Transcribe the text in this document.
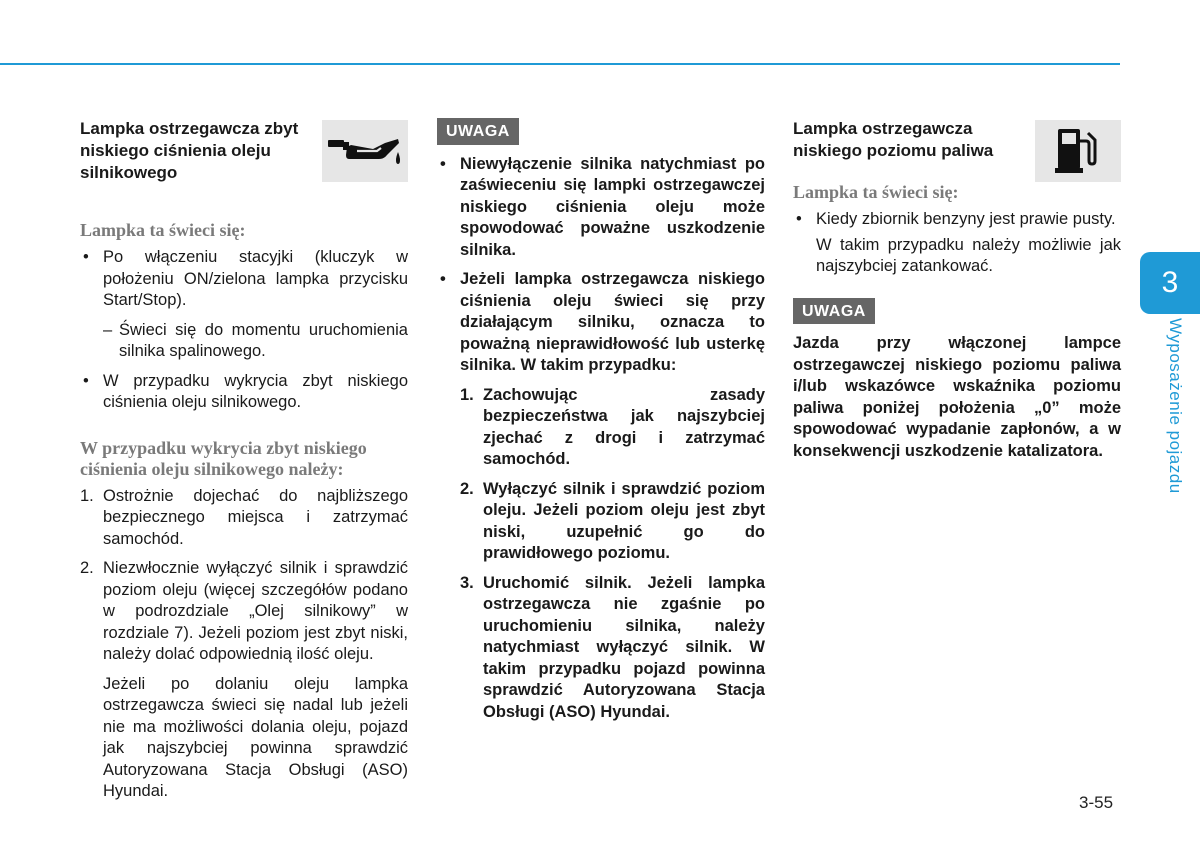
Lampka ostrzegawcza zbyt niskiego ciśnienia oleju silnikowego
Lampka ta świeci się:
• Po włączeniu stacyjki (kluczyk w położeniu ON/zielona lampka przycisku Start/Stop).
– Świeci się do momentu uruchomienia silnika spalinowego.
• W przypadku wykrycia zbyt niskiego ciśnienia oleju silnikowego.
W przypadku wykrycia zbyt niskiego ciśnienia oleju silnikowego należy:
1. Ostrożnie dojechać do najbliższego bezpiecznego miejsca i zatrzymać samochód.
2. Niezwłocznie wyłączyć silnik i sprawdzić poziom oleju (więcej szczegółów podano w podrozdziale „Olej silnikowy” w rozdziale 7). Jeżeli poziom jest zbyt niski, należy dolać odpowiednią ilość oleju.
Jeżeli po dolaniu oleju lampka ostrzegawcza świeci się nadal lub jeżeli nie ma możliwości dolania oleju, pojazd jak najszybciej powinna sprawdzić Autoryzowana Stacja Obsługi (ASO) Hyundai.
UWAGA
• Niewyłączenie silnika natychmiast po zaświeceniu się lampki ostrzegawczej niskiego ciśnienia oleju może spowodować poważne uszkodzenie silnika.
• Jeżeli lampka ostrzegawcza niskiego ciśnienia oleju świeci się przy działającym silniku, oznacza to poważną nieprawidłowość lub usterkę silnika. W takim przypadku:
1. Zachowując zasady bezpieczeństwa jak najszybciej zjechać z drogi i zatrzymać samochód.
2. Wyłączyć silnik i sprawdzić poziom oleju. Jeżeli poziom oleju jest zbyt niski, uzupełnić go do prawidłowego poziomu.
3. Uruchomić silnik. Jeżeli lampka ostrzegawcza nie zgaśnie po uruchomieniu silnika, należy natychmiast wyłączyć silnik. W takim przypadku pojazd powinna sprawdzić Autoryzowana Stacja Obsługi (ASO) Hyundai.
Lampka ostrzegawcza niskiego poziomu paliwa
Lampka ta świeci się:
• Kiedy zbiornik benzyny jest prawie pusty.
W takim przypadku należy możliwie jak najszybciej zatankować.
UWAGA
Jazda przy włączonej lampce ostrzegawczej niskiego poziomu paliwa i/lub wskazówce wskaźnika poziomu paliwa poniżej położenia „0” może spowodować wypadanie zapłonów, a w konsekwencji uszkodzenie katalizatora.
3
Wyposażenie pojazdu
3-55
